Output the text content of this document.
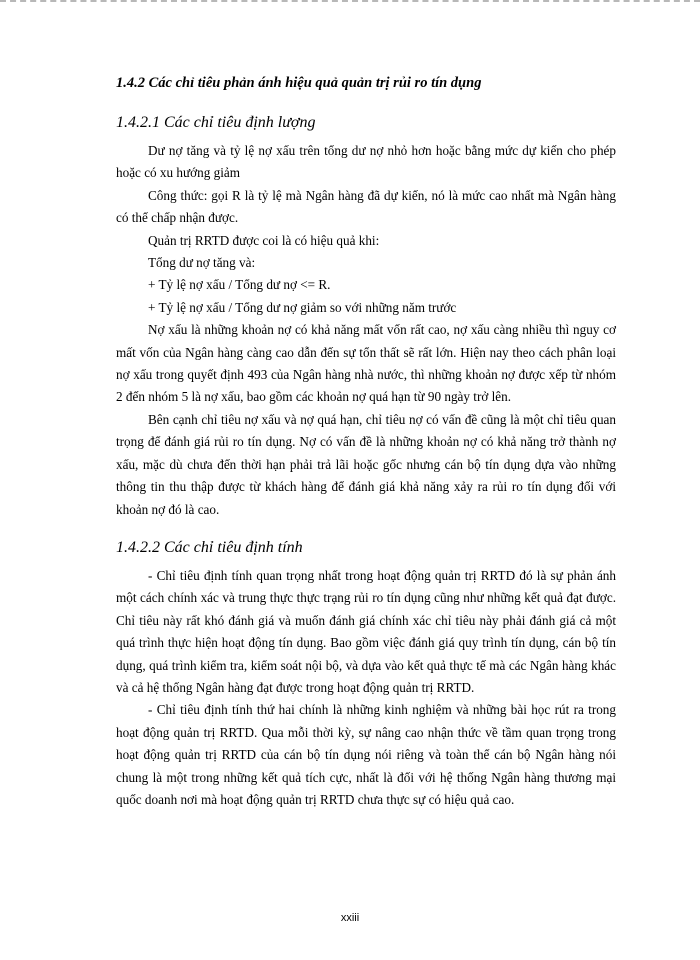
1.4.2 Các chỉ tiêu phản ánh hiệu quả quản trị rủi ro tín dụng
1.4.2.1 Các chỉ tiêu định lượng

Dư nợ tăng và tỷ lệ nợ xấu trên tổng dư nợ nhỏ hơn hoặc bằng mức dự kiến cho phép hoặc có xu hướng giảm

Công thức: gọi R là tỷ lệ mà Ngân hàng đã dự kiến, nó là mức cao nhất mà Ngân hàng có thể chấp nhận được.

Quản trị RRTD được coi là có hiệu quả khi:

Tổng dư nợ tăng và:

+ Tỷ lệ nợ xấu / Tổng dư nợ <= R.

+ Tỷ lệ nợ xấu / Tổng dư nợ giảm so với những năm trước

Nợ xấu là những khoản nợ có khả năng mất vốn rất cao, nợ xấu càng nhiều thì nguy cơ mất vốn của Ngân hàng càng cao dẫn đến sự tổn thất sẽ rất lớn. Hiện nay theo cách phân loại nợ xấu trong quyết định 493 của Ngân hàng nhà nước, thì những khoản nợ được xếp từ nhóm 2 đến nhóm 5 là nợ xấu, bao gồm các khoản nợ quá hạn từ 90 ngày trở lên.

Bên cạnh chỉ tiêu nợ xấu và nợ quá hạn, chỉ tiêu nợ có vấn đề cũng là một chỉ tiêu quan trọng để đánh giá rủi ro tín dụng. Nợ có vấn đề là những khoản nợ có khả năng trở thành nợ xấu, mặc dù chưa đến thời hạn phải trả lãi hoặc gốc nhưng cán bộ tín dụng dựa vào những thông tin thu thập được từ khách hàng để đánh giá khả năng xảy ra rủi ro tín dụng đối với khoản nợ đó là cao.

1.4.2.2 Các chỉ tiêu định tính

- Chỉ tiêu định tính quan trọng nhất trong hoạt động quản trị RRTD đó là sự phản ánh một cách chính xác và trung thực thực trạng rủi ro tín dụng cũng như những kết quả đạt được. Chỉ tiêu này rất khó đánh giá và muốn đánh giá chính xác chỉ tiêu này phải đánh giá cả một quá trình thực hiện hoạt động tín dụng. Bao gồm việc đánh giá quy trình tín dụng, cán bộ tín dụng, quá trình kiểm tra, kiểm soát nội bộ, và dựa vào kết quả thực tế mà các Ngân hàng khác và cả hệ thống Ngân hàng đạt được trong hoạt động quản trị RRTD.

- Chỉ tiêu định tính thứ hai chính là những kinh nghiệm và những bài học rút ra trong hoạt động quản trị RRTD. Qua mỗi thời kỳ, sự nâng cao nhận thức về tầm quan trọng trong hoạt động quản trị RRTD của cán bộ tín dụng nói riêng và toàn thể cán bộ Ngân hàng nói chung là một trong những kết quả tích cực, nhất là đối với hệ thống Ngân hàng thương mại quốc doanh nơi mà hoạt động quản trị RRTD chưa thực sự có hiệu quả cao.

xxiii
